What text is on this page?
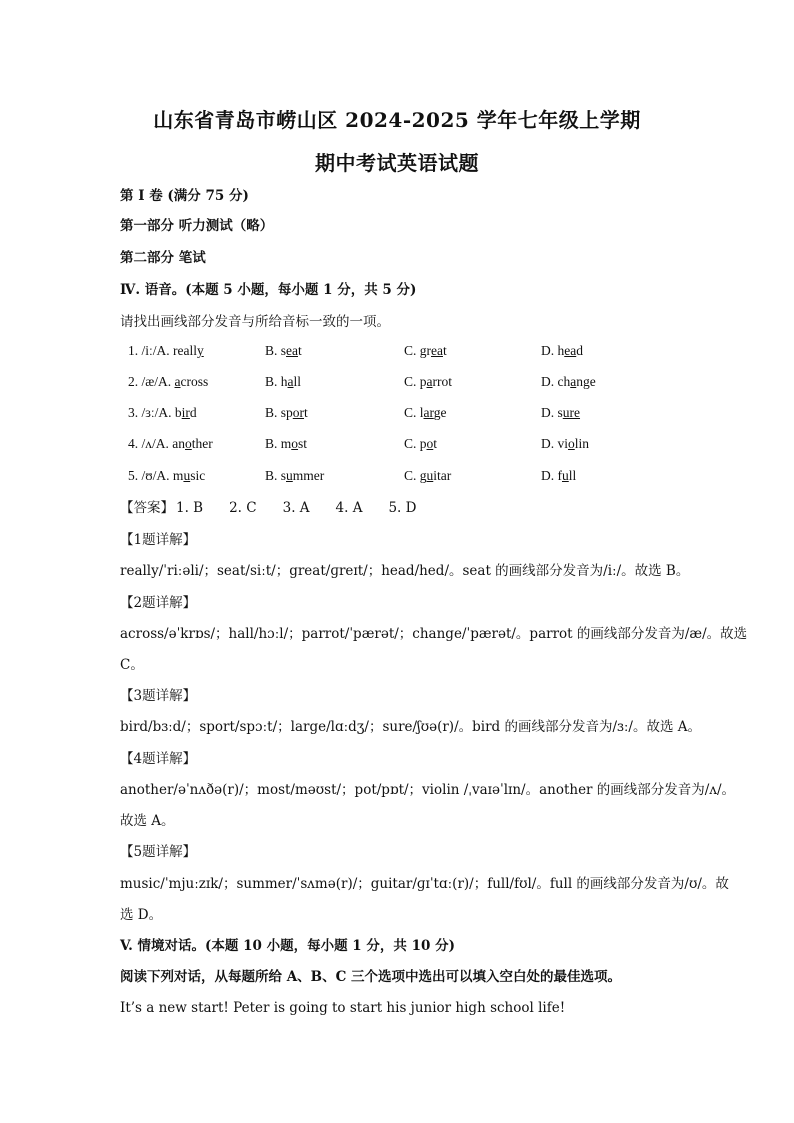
山东省青岛市崂山区 2024-2025 学年七年级上学期
期中考试英语试题
第 Ⅰ 卷 (满分 75 分)
第一部分 听力测试（略）
第二部分 笔试
Ⅳ. 语音。(本题 5 小题，每小题 1 分，共 5 分)
请找出画线部分发音与所给音标一致的一项。
1. /iː/A. really	B. seat	C. great	D. head
2. /æ/A. across	B. hall	C. parrot	D. change
3. /ɜː/A. bird	B. sport	C. large	D. sure
4. /ʌ/A. another	B. most	C. pot	D. violin
5. /ʊ/A. music	B. summer	C. guitar	D. full
【答案】 1. B 2. C 3. A 4. A 5. D
【1题详解】
really/ˈriːəli/；seat/siːt/；great/ɡreɪt/；head/hed/。seat 的画线部分发音为/iː/。故选 B。
【2题详解】
across/əˈkrɒs/；hall/hɔːl/；parrot/ˈpærət/；change/ˈpærət/。parrot 的画线部分发音为/æ/。故选
C。
【3题详解】
bird/bɜːd/；sport/spɔːt/；large/lɑːdʒ/；sure/ʃʊə(r)/。bird 的画线部分发音为/ɜː/。故选 A。
【4题详解】
another/əˈnʌðə(r)/；most/məʊst/；pot/pɒt/；violin /ˌvaɪəˈlɪn/。another 的画线部分发音为/ʌ/。
故选 A。
【5题详解】
music/ˈmjuːzɪk/；summer/ˈsʌmə(r)/；guitar/ɡɪˈtɑː(r)/；full/fʊl/。full 的画线部分发音为/ʊ/。故
选 D。
V. 情境对话。(本题 10 小题，每小题 1 分，共 10 分)
阅读下列对话，从每题所给 A、B、C 三个选项中选出可以填入空白处的最佳选项。
It’s a new start! Peter is going to start his junior high school life!
